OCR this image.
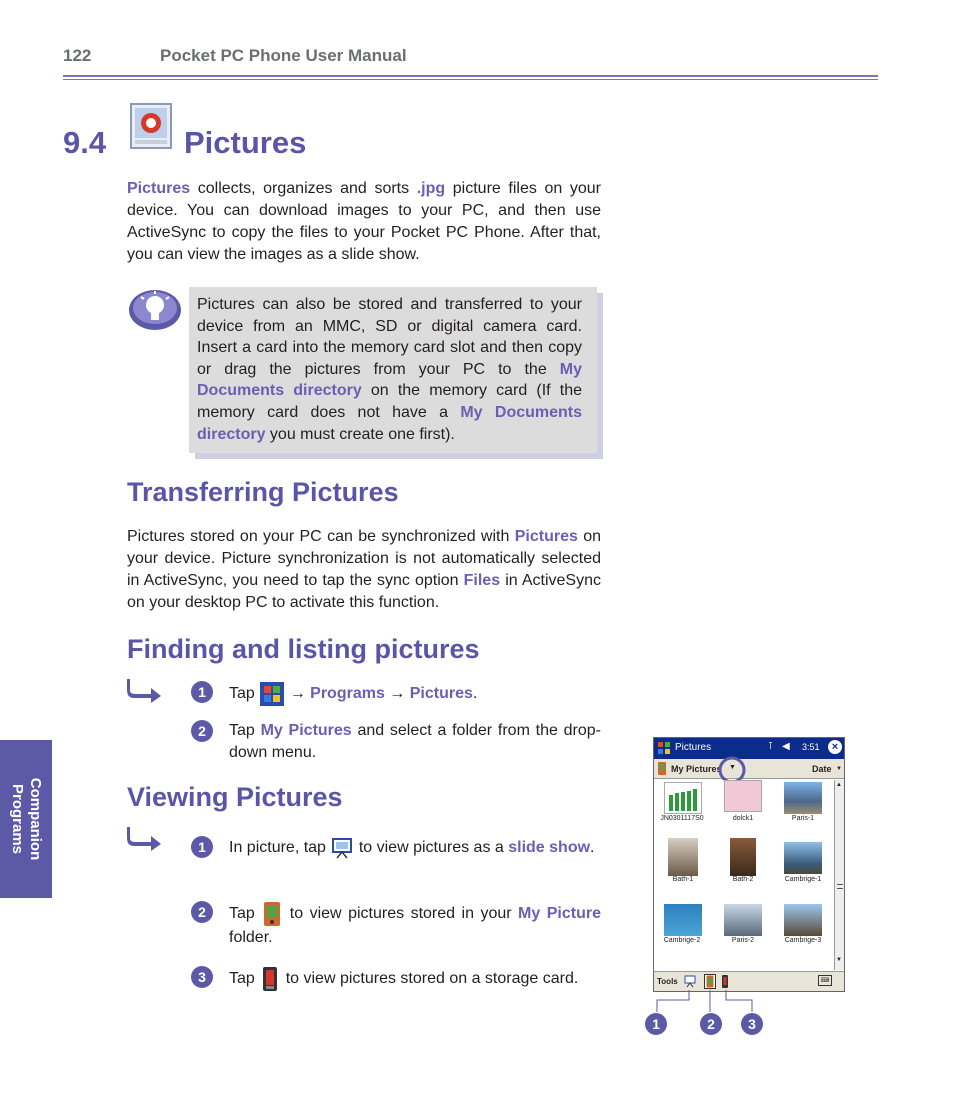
122	Pocket PC Phone User Manual
9.4	Pictures

Pictures collects, organizes and sorts .jpg picture files on your device. You can download images to your PC, and then use ActiveSync to copy the files to your Pocket PC Phone. After that, you can view the images as a slide show.

Pictures can also be stored and transferred to your device from an MMC, SD or digital camera card. Insert a card into the memory card slot and then copy or drag the pictures from your PC to the My Documents directory on the memory card (If the memory card does not have a My Documents directory you must create one first).

Transferring Pictures

Pictures stored on your PC can be synchronized with Pictures on your device. Picture synchronization is not automatically selected in ActiveSync, you need to tap the sync option Files in ActiveSync on your desktop PC to activate this function.

Finding and listing pictures
1	Tap  → Programs → Pictures.
2	Tap My Pictures and select a folder from the drop-down menu.
Viewing Pictures
1	In picture, tap  to view pictures as a slide show.
2	Tap  to view pictures stored in your My Picture folder.
3	Tap  to view pictures stored on a storage card.
Companion
Programs
Pictures	⊺ ◀ 3:51	×
My Pictures ▼	Date ▼
JN0301117S0	dolck1	Paris-1
Bath-1	Bath-2	Cambrige-1
Cambrige-2	Paris-2	Cambrige-3
▲
▼
Tools	⌨
1	2	3
